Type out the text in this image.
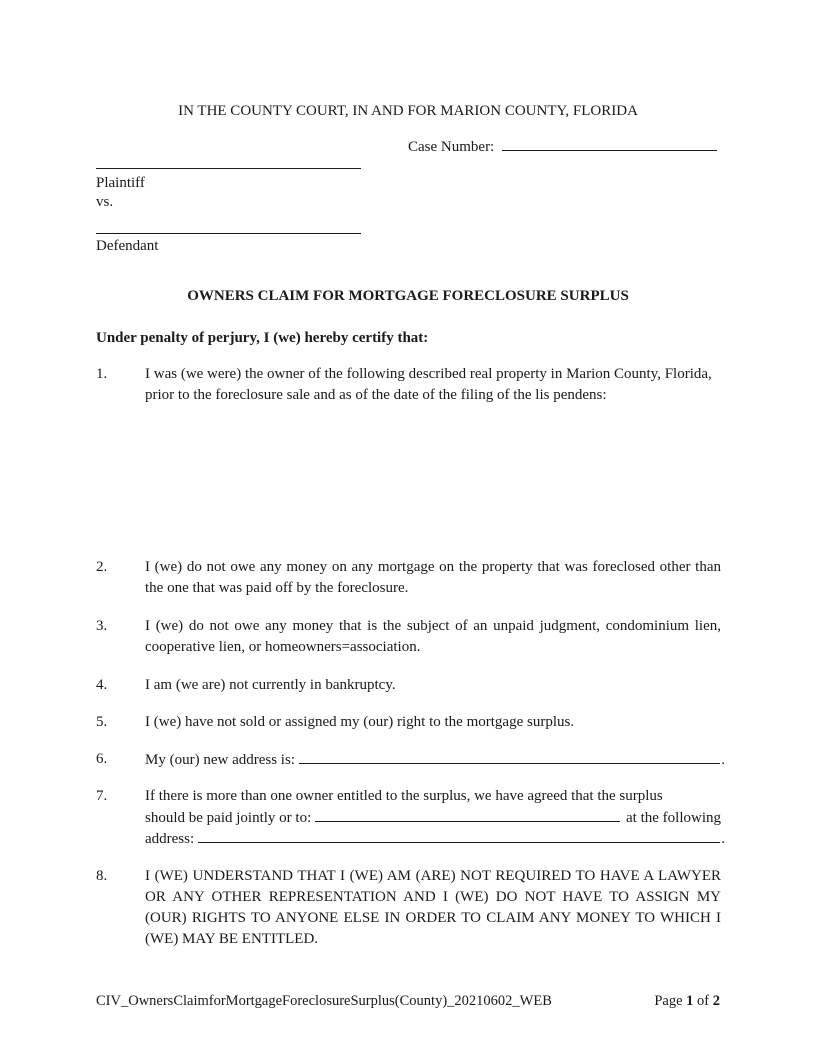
IN THE COUNTY COURT, IN AND FOR MARION COUNTY, FLORIDA
Case Number:
Plaintiff
vs.
Defendant
OWNERS CLAIM FOR MORTGAGE FORECLOSURE SURPLUS
Under penalty of perjury, I (we) hereby certify that:
1.	I was (we were) the owner of the following described real property in Marion County, Florida, prior to the foreclosure sale and as of the date of the filing of the lis pendens:
2.	I (we) do not owe any money on any mortgage on the property that was foreclosed other than the one that was paid off by the foreclosure.
3.	I (we) do not owe any money that is the subject of an unpaid judgment, condominium lien, cooperative lien, or homeowners=association.
4.	I am (we are) not currently in bankruptcy.
5.	I (we) have not sold or assigned my (our) right to the mortgage surplus.
6.	My (our) new address is:	.
7.	If there is more than one owner entitled to the surplus, we have agreed that the surplus
should be paid jointly or to:	at the following
address:	.
8.	I (WE) UNDERSTAND THAT I (WE) AM (ARE) NOT REQUIRED TO HAVE A LAWYER OR ANY OTHER REPRESENTATION AND I (WE) DO NOT HAVE TO ASSIGN MY (OUR) RIGHTS TO ANYONE ELSE IN ORDER TO CLAIM ANY MONEY TO WHICH I (WE) MAY BE ENTITLED.
CIV_OwnersClaimforMortgageForeclosureSurplus(County)_20210602_WEB	Page 1 of 2
